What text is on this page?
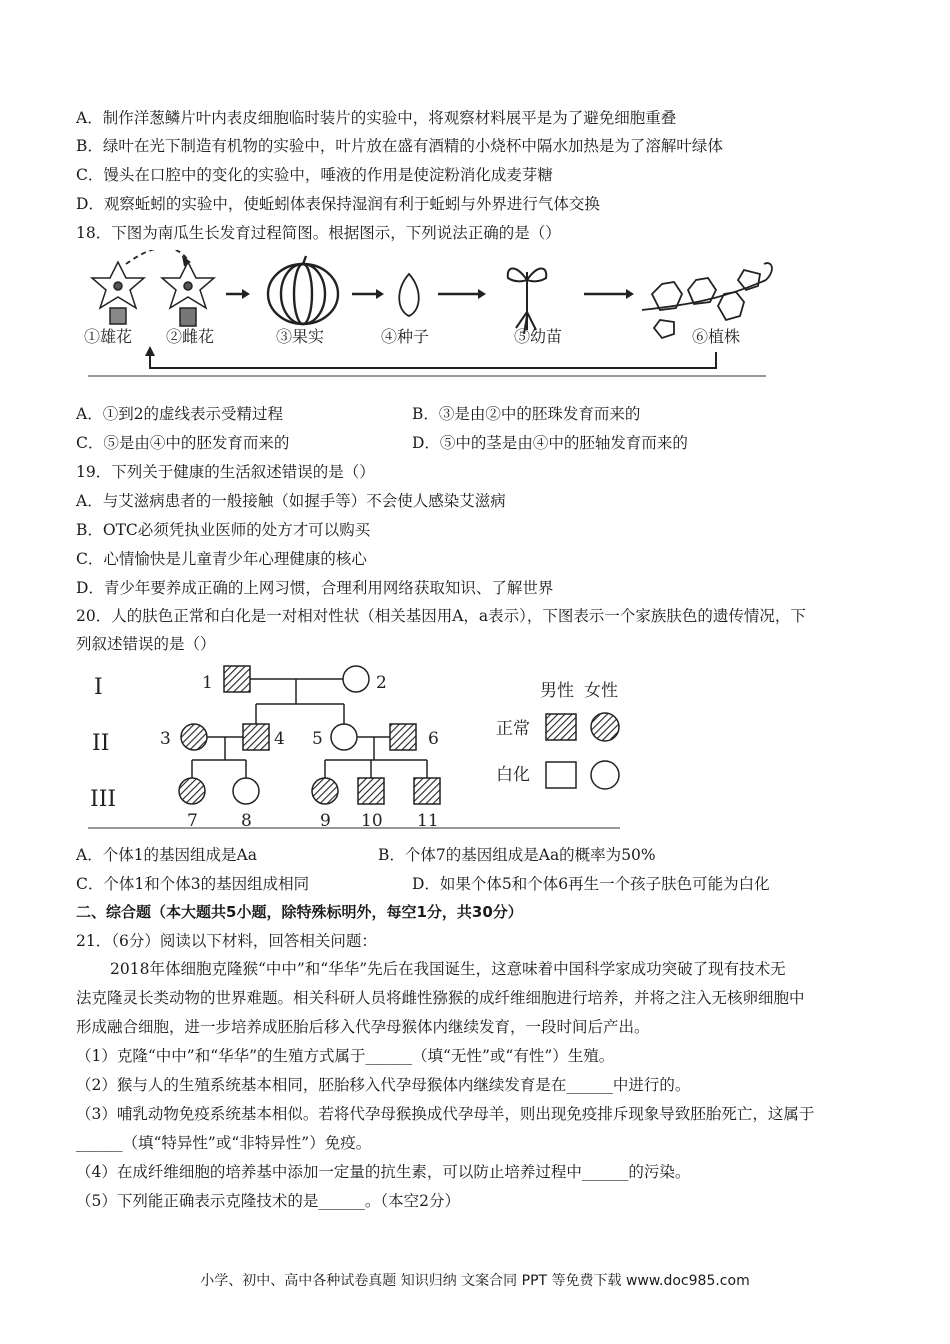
A．制作洋葱鳞片叶内表皮细胞临时装片的实验中，将观察材料展平是为了避免细胞重叠
B．绿叶在光下制造有机物的实验中，叶片放在盛有酒精的小烧杯中隔水加热是为了溶解叶绿体
C．馒头在口腔中的变化的实验中，唾液的作用是使淀粉消化成麦芽糖
D．观察蚯蚓的实验中，使蚯蚓体表保持湿润有利于蚯蚓与外界进行气体交换
18．下图为南瓜生长发育过程简图。根据图示，下列说法正确的是（）
①雄花 ②雌花	③果实	④种子	⑤幼苗	⑥植株
A．①到2的虚线表示受精过程	B．③是由②中的胚珠发育而来的
C．⑤是由④中的胚发育而来的	D．⑤中的茎是由④中的胚轴发育而来的
19．下列关于健康的生活叙述错误的是（）
A．与艾滋病患者的一般接触（如握手等）不会使人感染艾滋病
B．OTC必须凭执业医师的处方才可以购买
C．心情愉快是儿童青少年心理健康的核心
D．青少年要养成正确的上网习惯，合理利用网络获取知识、了解世界
20．人的肤色正常和白化是一对相对性状（相关基因用A，a表示），下图表示一个家族肤色的遗传情况，下
列叙述错误的是（）
I
II
III
1	2
3	4 5	6
7	8	9 10 11
男性 女性
正常
白化
A．个体1的基因组成是Aa	B．个体7的基因组成是Aa的概率为50%
C．个体1和个体3的基因组成相同	D．如果个体5和个体6再生一个孩子肤色可能为白化
二、综合题（本大题共5小题，除特殊标明外，每空1分，共30分）
21．（6分）阅读以下材料，回答相关问题：
2018年体细胞克隆猴“中中”和“华华”先后在我国诞生，这意味着中国科学家成功突破了现有技术无
法克隆灵长类动物的世界难题。相关科研人员将雌性猕猴的成纤维细胞进行培养，并将之注入无核卵细胞中
形成融合细胞，进一步培养成胚胎后移入代孕母猴体内继续发育，一段时间后产出。
（1）克隆“中中”和“华华”的生殖方式属于______（填“无性”或“有性”）生殖。
（2）猴与人的生殖系统基本相同，胚胎移入代孕母猴体内继续发育是在______中进行的。
（3）哺乳动物免疫系统基本相似。若将代孕母猴换成代孕母羊，则出现免疫排斥现象导致胚胎死亡，这属于
______（填“特异性”或“非特异性”）免疫。
（4）在成纤维细胞的培养基中添加一定量的抗生素，可以防止培养过程中______的污染。
（5）下列能正确表示克隆技术的是______。（本空2分）
小学、初中、高中各种试卷真题 知识归纳 文案合同 PPT 等免费下载 www.doc985.com
